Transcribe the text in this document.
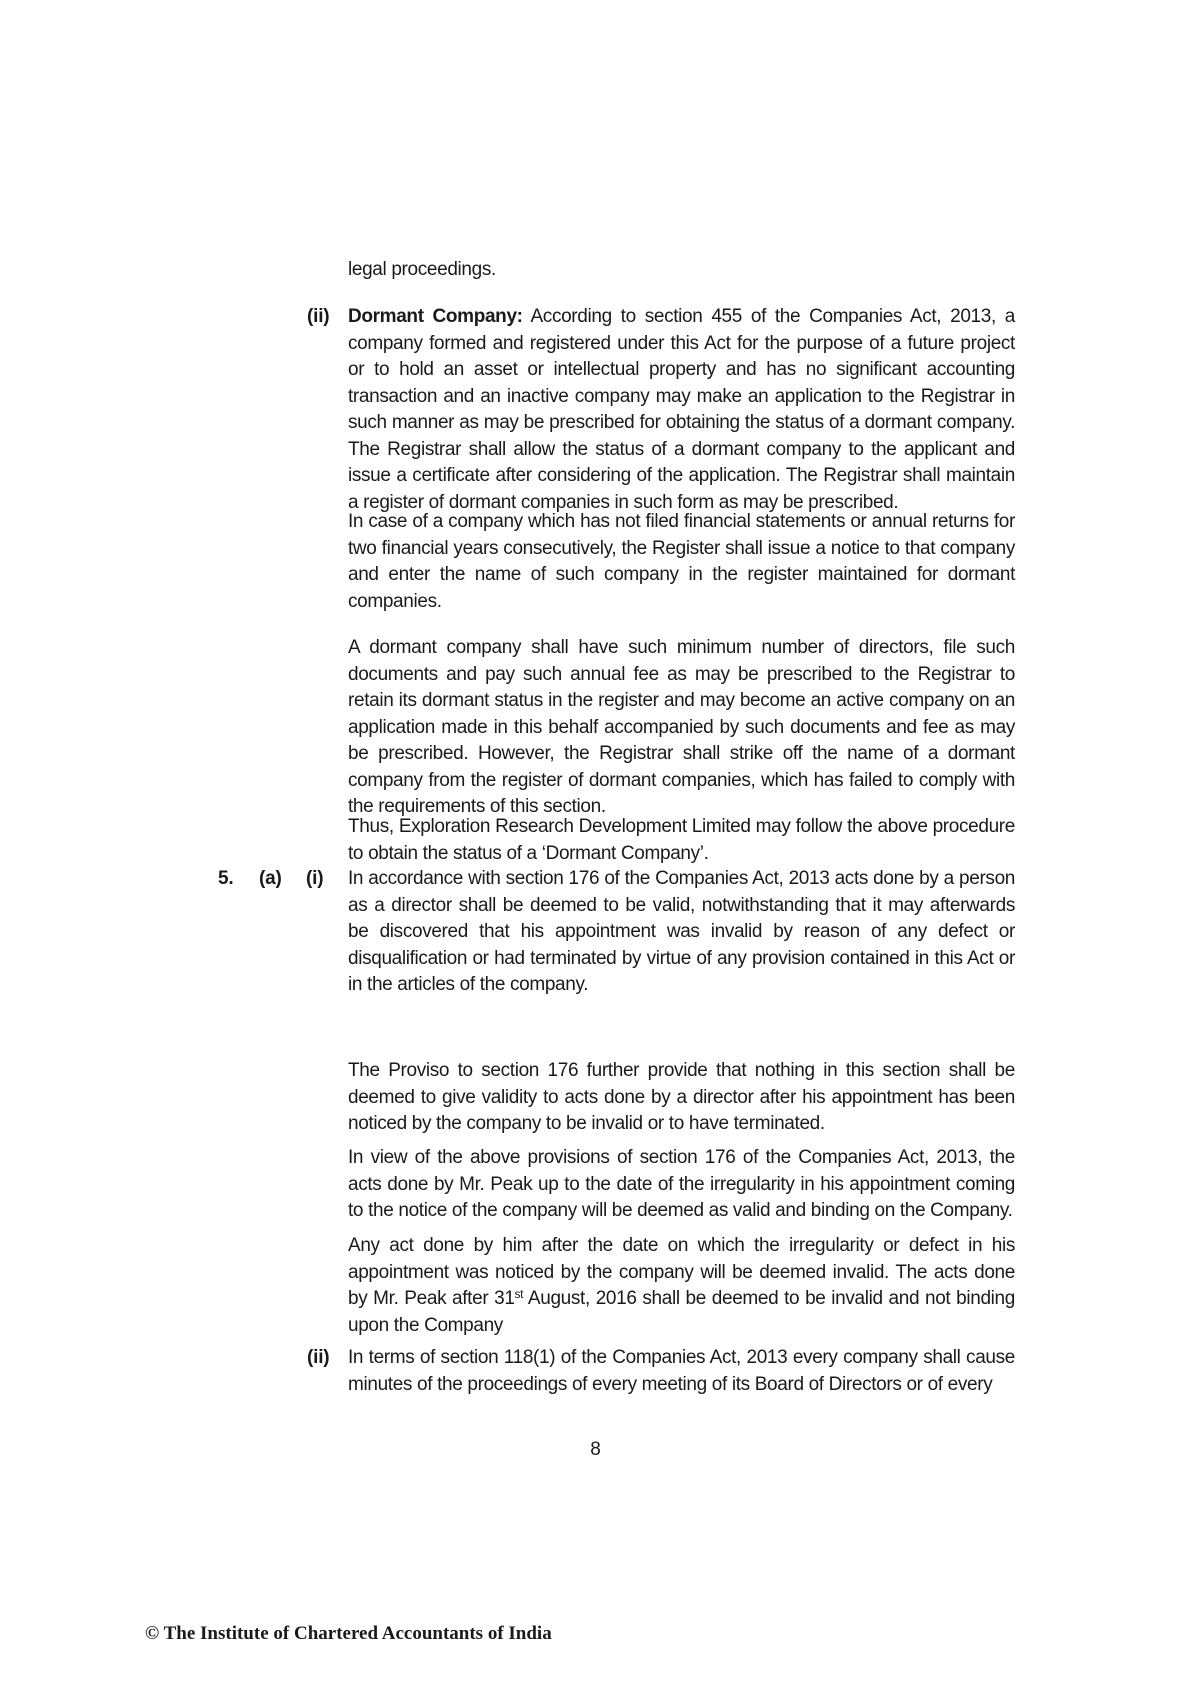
legal proceedings.

(ii) Dormant Company: According to section 455 of the Companies Act, 2013, a company formed and registered under this Act for the purpose of a future project or to hold an asset or intellectual property and has no significant accounting transaction and an inactive company may make an application to the Registrar in such manner as may be prescribed for obtaining the status of a dormant company. The Registrar shall allow the status of a dormant company to the applicant and issue a certificate after considering of the application. The Registrar shall maintain a register of dormant companies in such form as may be prescribed.

In case of a company which has not filed financial statements or annual returns for two financial years consecutively, the Register shall issue a notice to that company and enter the name of such company in the register maintained for dormant companies.

A dormant company shall have such minimum number of directors, file such documents and pay such annual fee as may be prescribed to the Registrar to retain its dormant status in the register and may become an active company on an application made in this behalf accompanied by such documents and fee as may be prescribed. However, the Registrar shall strike off the name of a dormant company from the register of dormant companies, which has failed to comply with the requirements of this section.

Thus, Exploration Research Development Limited may follow the above procedure to obtain the status of a ‘Dormant Company’.

5. (a) (i) In accordance with section 176 of the Companies Act, 2013 acts done by a person as a director shall be deemed to be valid, notwithstanding that it may afterwards be discovered that his appointment was invalid by reason of any defect or disqualification or had terminated by virtue of any provision contained in this Act or in the articles of the company.

The Proviso to section 176 further provide that nothing in this section shall be deemed to give validity to acts done by a director after his appointment has been noticed by the company to be invalid or to have terminated.

In view of the above provisions of section 176 of the Companies Act, 2013, the acts done by Mr. Peak up to the date of the irregularity in his appointment coming to the notice of the company will be deemed as valid and binding on the Company.

Any act done by him after the date on which the irregularity or defect in his appointment was noticed by the company will be deemed invalid. The acts done by Mr. Peak after 31st August, 2016 shall be deemed to be invalid and not binding upon the Company

(ii) In terms of section 118(1) of the Companies Act, 2013 every company shall cause minutes of the proceedings of every meeting of its Board of Directors or of every

8
© The Institute of Chartered Accountants of India
